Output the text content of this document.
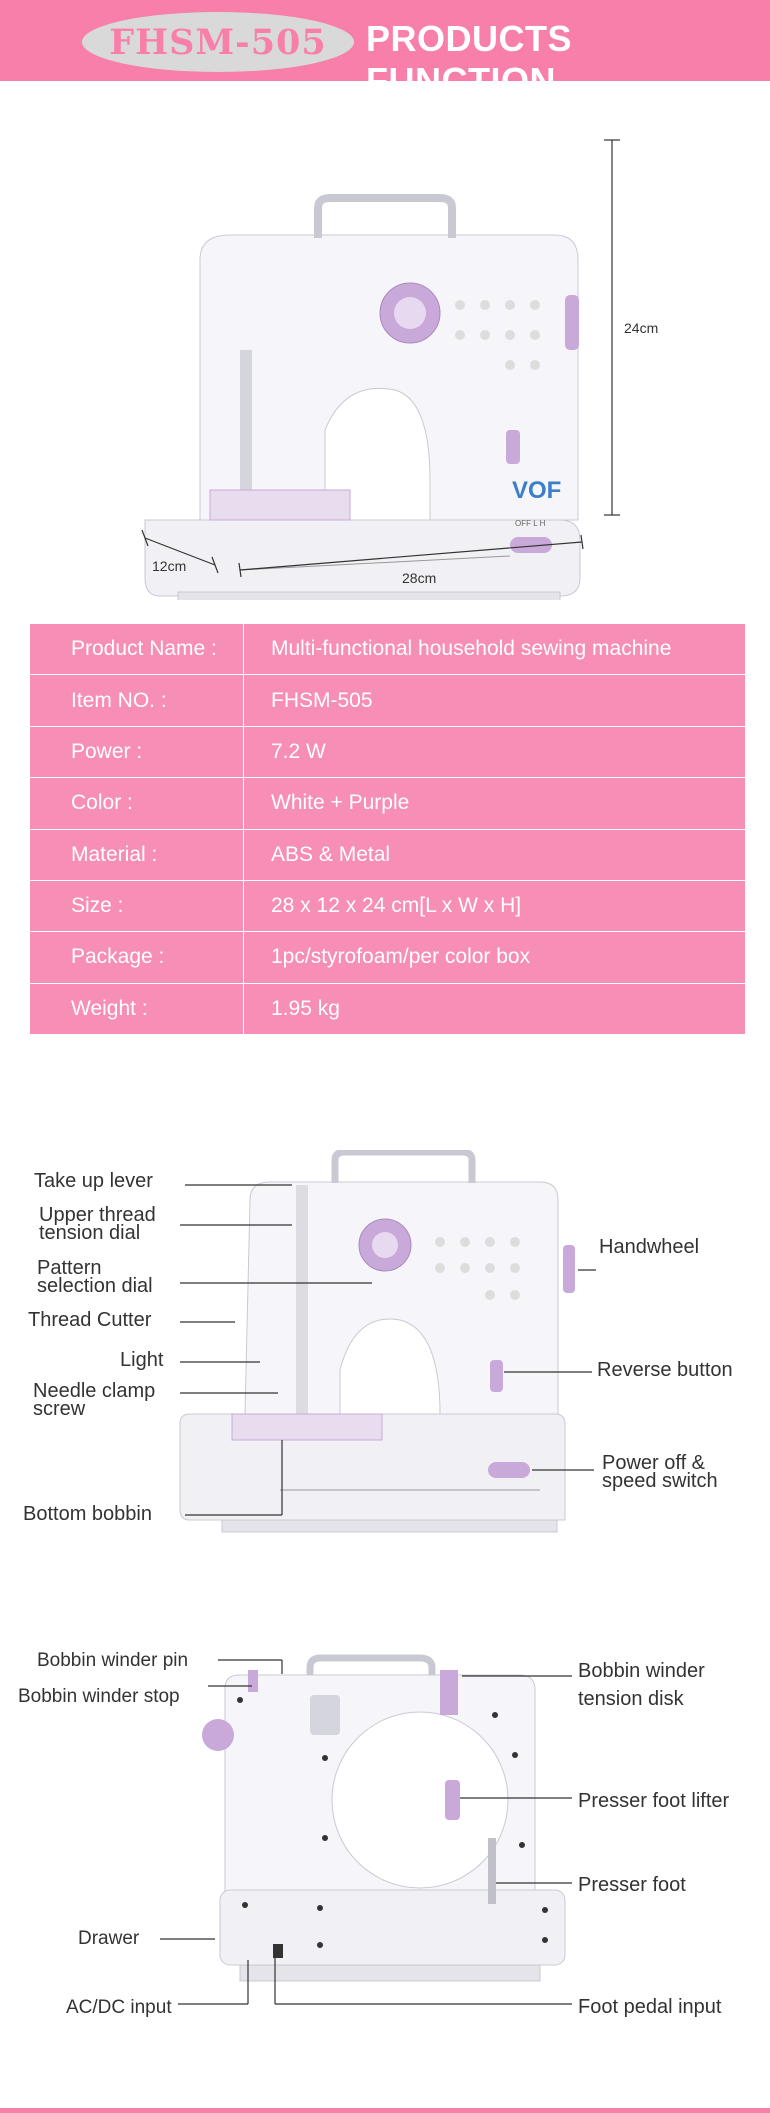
FHSM-505 PRODUCTS FUNCTION
VOF
OFF L H
24cm
12cm
28cm
Product Name :	Multi-functional household sewing machine
Item NO. :	FHSM-505
Power :	7.2 W
Color :	White + Purple
Material :	ABS & Metal
Size :	28 x 12 x 24 cm[L x W x H]
Package :	1pc/styrofoam/per color box
Weight :	1.95 kg
Take up lever
Upper thread
tension dial
Pattern
selection dial
Thread Cutter
Light
Needle clamp
screw
Bottom bobbin
Handwheel
Reverse button
Power off &
speed switch
Bobbin winder pin
Bobbin winder stop
Drawer
AC/DC input
Bobbin winder
tension disk
Presser foot lifter
Presser foot
Foot pedal input
